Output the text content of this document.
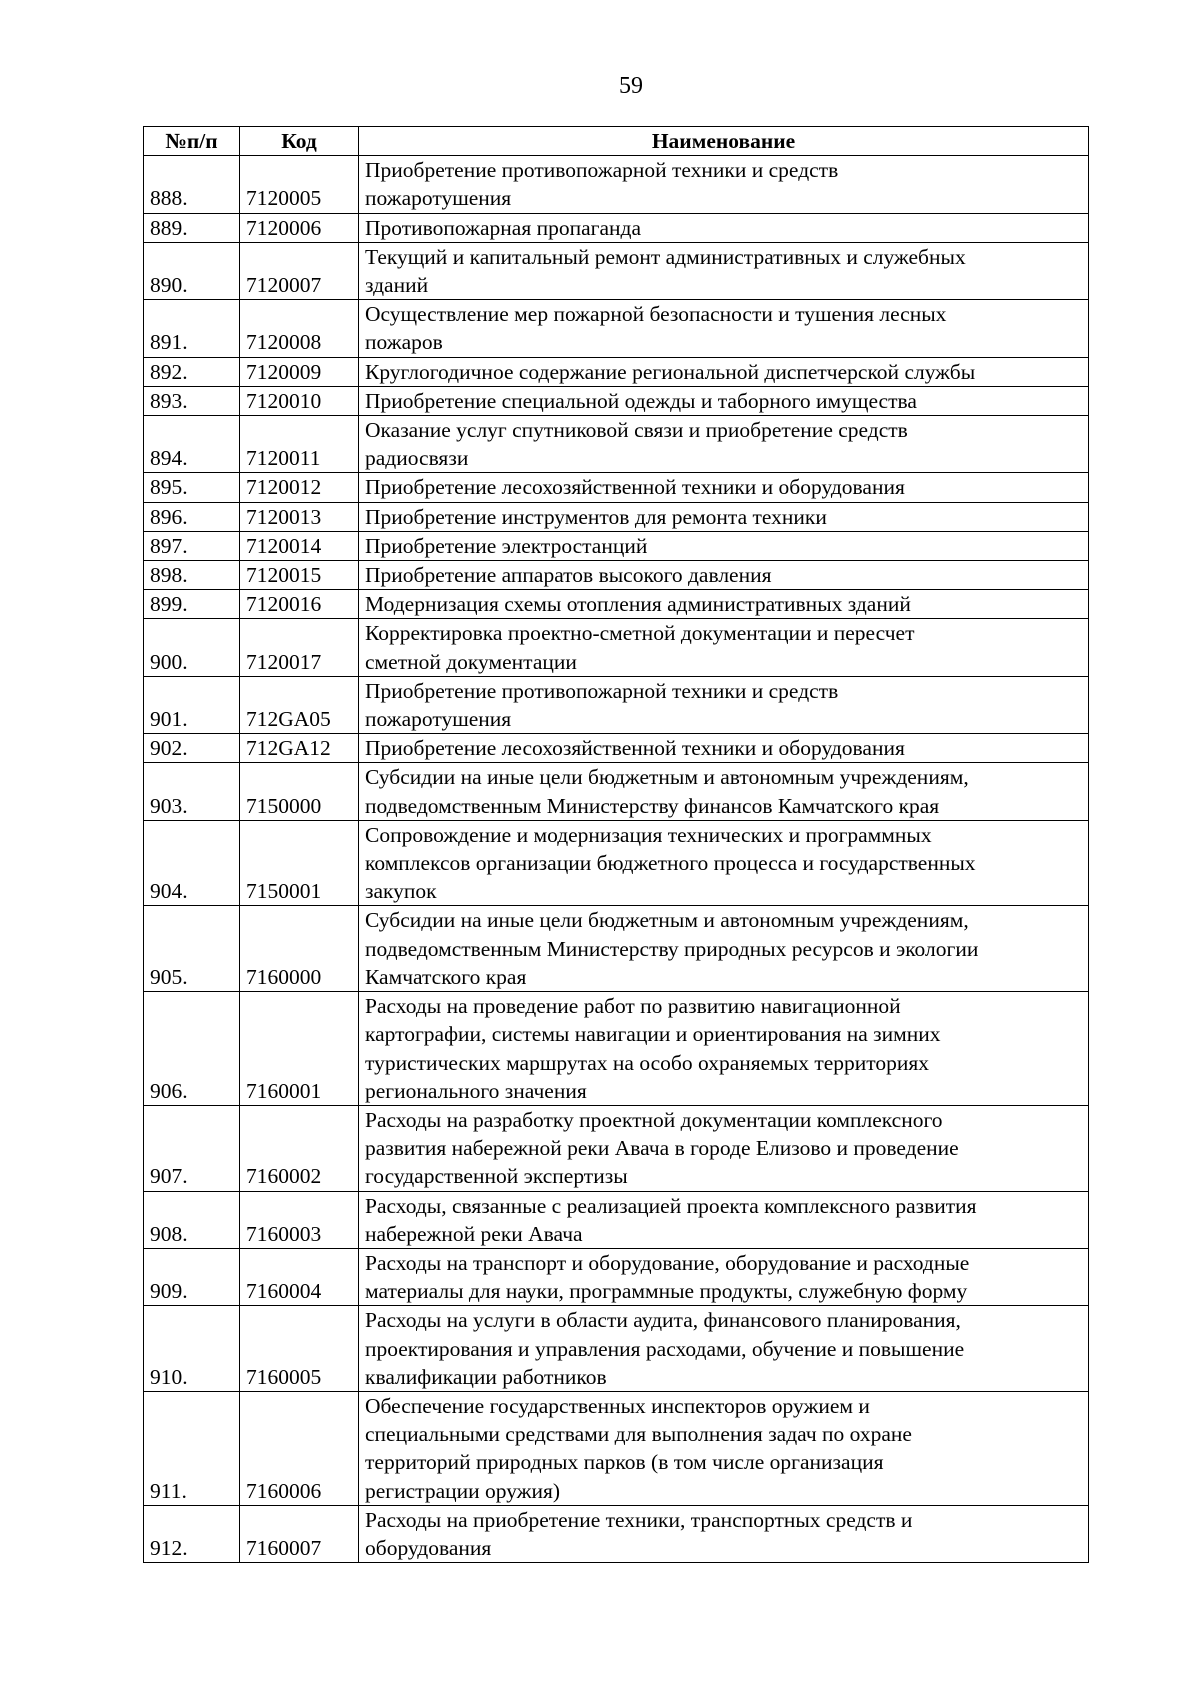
59
№п/п	Код	Наименование
888.	7120005	Приобретение противопожарной техники и средств
пожаротушения

889.	7120006	Противопожарная пропаганда

890.	7120007	Текущий и капитальный ремонт административных и служебных
зданий

891.	7120008	Осуществление мер пожарной безопасности и тушения лесных
пожаров

892.	7120009	Круглогодичное содержание региональной диспетчерской службы

893.	7120010	Приобретение специальной одежды и таборного имущества

894.	7120011	Оказание услуг спутниковой связи и приобретение средств
радиосвязи

895.	7120012	Приобретение лесохозяйственной техники и оборудования

896.	7120013	Приобретение инструментов для ремонта техники

897.	7120014	Приобретение электростанций

898.	7120015	Приобретение аппаратов высокого давления

899.	7120016	Модернизация схемы отопления административных зданий

900.	7120017	Корректировка проектно-сметной документации и пересчет
сметной документации

901.	712GA05	Приобретение противопожарной техники и средств
пожаротушения

902.	712GA12	Приобретение лесохозяйственной техники и оборудования

903.	7150000	Субсидии на иные цели бюджетным и автономным учреждениям,
подведомственным Министерству финансов Камчатского края

904.	7150001	Сопровождение и модернизация технических и программных
комплексов организации бюджетного процесса и государственных
закупок

905.	7160000	Субсидии на иные цели бюджетным и автономным учреждениям,
подведомственным Министерству природных ресурсов и экологии
Камчатского края

906.	7160001	Расходы на проведение работ по развитию навигационной
картографии, системы навигации и ориентирования на зимних
туристических маршрутах на особо охраняемых территориях
регионального значения

907.	7160002	Расходы на разработку проектной документации комплексного
развития набережной реки Авача в городе Елизово и проведение
государственной экспертизы

908.	7160003	Расходы, связанные с реализацией проекта комплексного развития
набережной реки Авача

909.	7160004	Расходы на транспорт и оборудование, оборудование и расходные
материалы для науки, программные продукты, служебную форму

910.	7160005	Расходы на услуги в области аудита, финансового планирования,
проектирования и управления расходами, обучение и повышение
квалификации работников

911.	7160006	Обеспечение государственных инспекторов оружием и
специальными средствами для выполнения задач по охране
территорий природных парков (в том числе организация
регистрации оружия)

912.	7160007	Расходы на приобретение техники, транспортных средств и
оборудования
